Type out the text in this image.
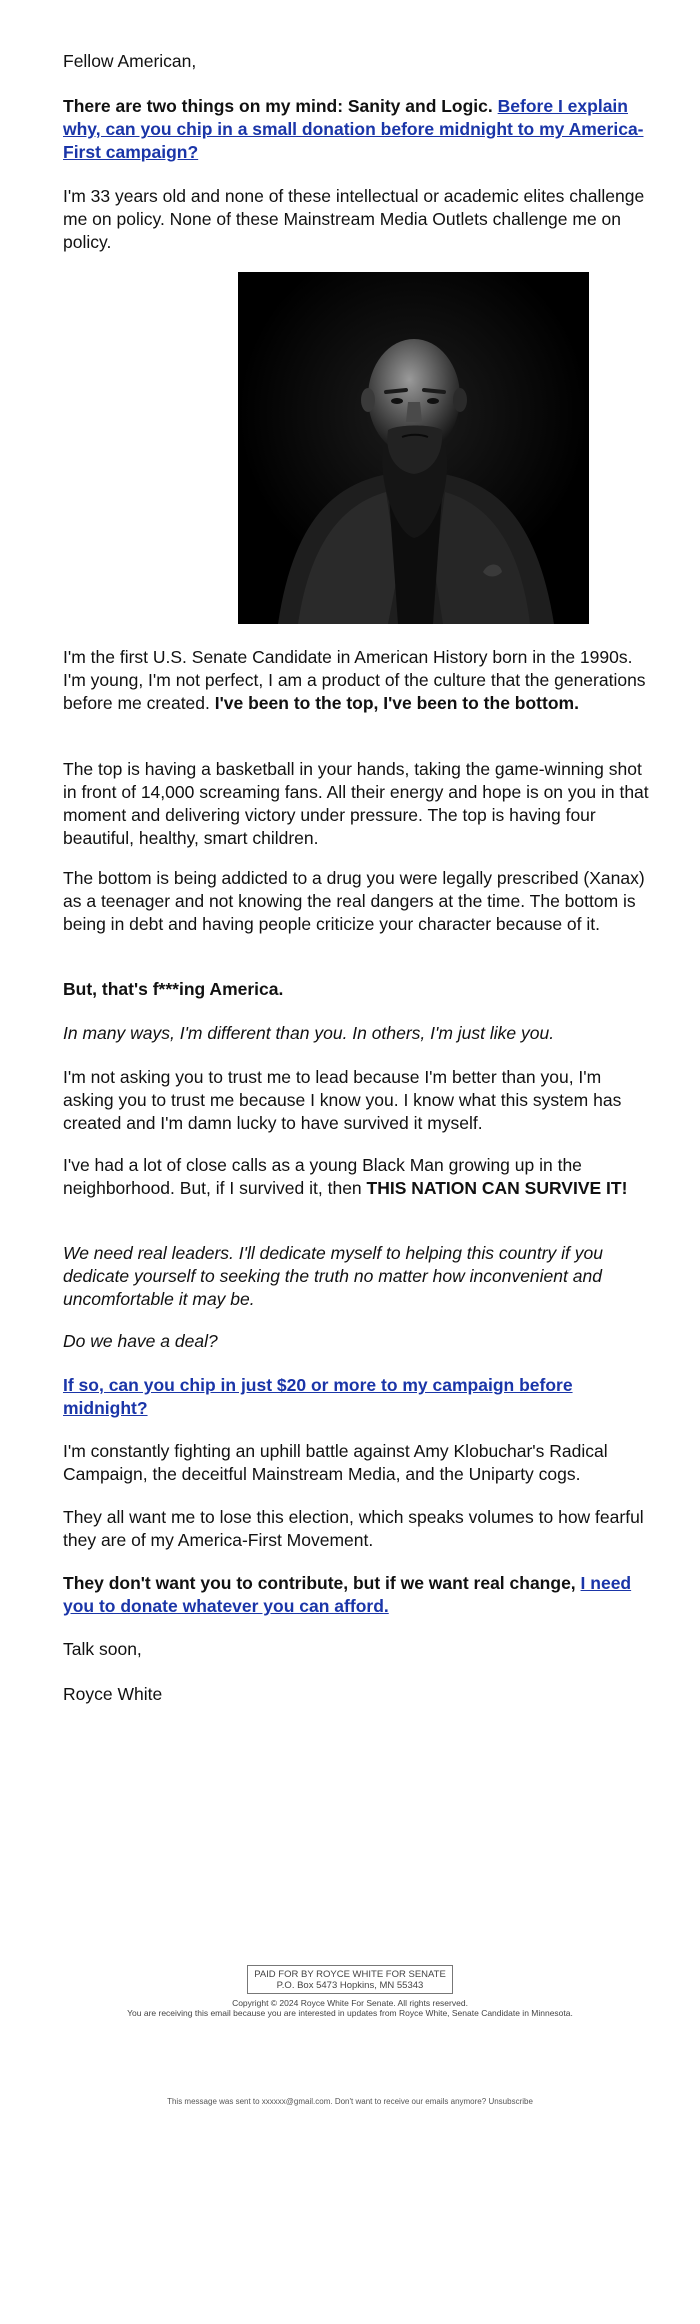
Fellow American,

There are two things on my mind: Sanity and Logic. Before I explain why, can you chip in a small donation before midnight to my America-First campaign?

I'm 33 years old and none of these intellectual or academic elites challenge me on policy. None of these Mainstream Media Outlets challenge me on policy.

I'm the first U.S. Senate Candidate in American History born in the 1990s. I'm young, I'm not perfect, I am a product of the culture that the generations before me created. I've been to the top, I've been to the bottom.

The top is having a basketball in your hands, taking the game-winning shot in front of 14,000 screaming fans. All their energy and hope is on you in that moment and delivering victory under pressure. The top is having four beautiful, healthy, smart children.

The bottom is being addicted to a drug you were legally prescribed (Xanax) as a teenager and not knowing the real dangers at the time. The bottom is being in debt and having people criticize your character because of it.

But, that's f***ing America.

In many ways, I'm different than you. In others, I'm just like you.

I'm not asking you to trust me to lead because I'm better than you, I'm asking you to trust me because I know you. I know what this system has created and I'm damn lucky to have survived it myself.

I've had a lot of close calls as a young Black Man growing up in the neighborhood. But, if I survived it, then THIS NATION CAN SURVIVE IT!

We need real leaders. I'll dedicate myself to helping this country if you dedicate yourself to seeking the truth no matter how inconvenient and uncomfortable it may be.

Do we have a deal?

If so, can you chip in just $20 or more to my campaign before midnight?

I'm constantly fighting an uphill battle against Amy Klobuchar's Radical Campaign, the deceitful Mainstream Media, and the Uniparty cogs.

They all want me to lose this election, which speaks volumes to how fearful they are of my America-First Movement.

They don't want you to contribute, but if we want real change, I need you to donate whatever you can afford.

Talk soon,

Royce White

PAID FOR BY ROYCE WHITE FOR SENATE
P.O. Box 5473 Hopkins, MN 55343
Copyright © 2024 Royce White For Senate. All rights reserved.
You are receiving this email because you are interested in updates from Royce White, Senate Candidate in Minnesota.
This message was sent to xxxxxx@gmail.com. Don't want to receive our emails anymore? Unsubscribe
